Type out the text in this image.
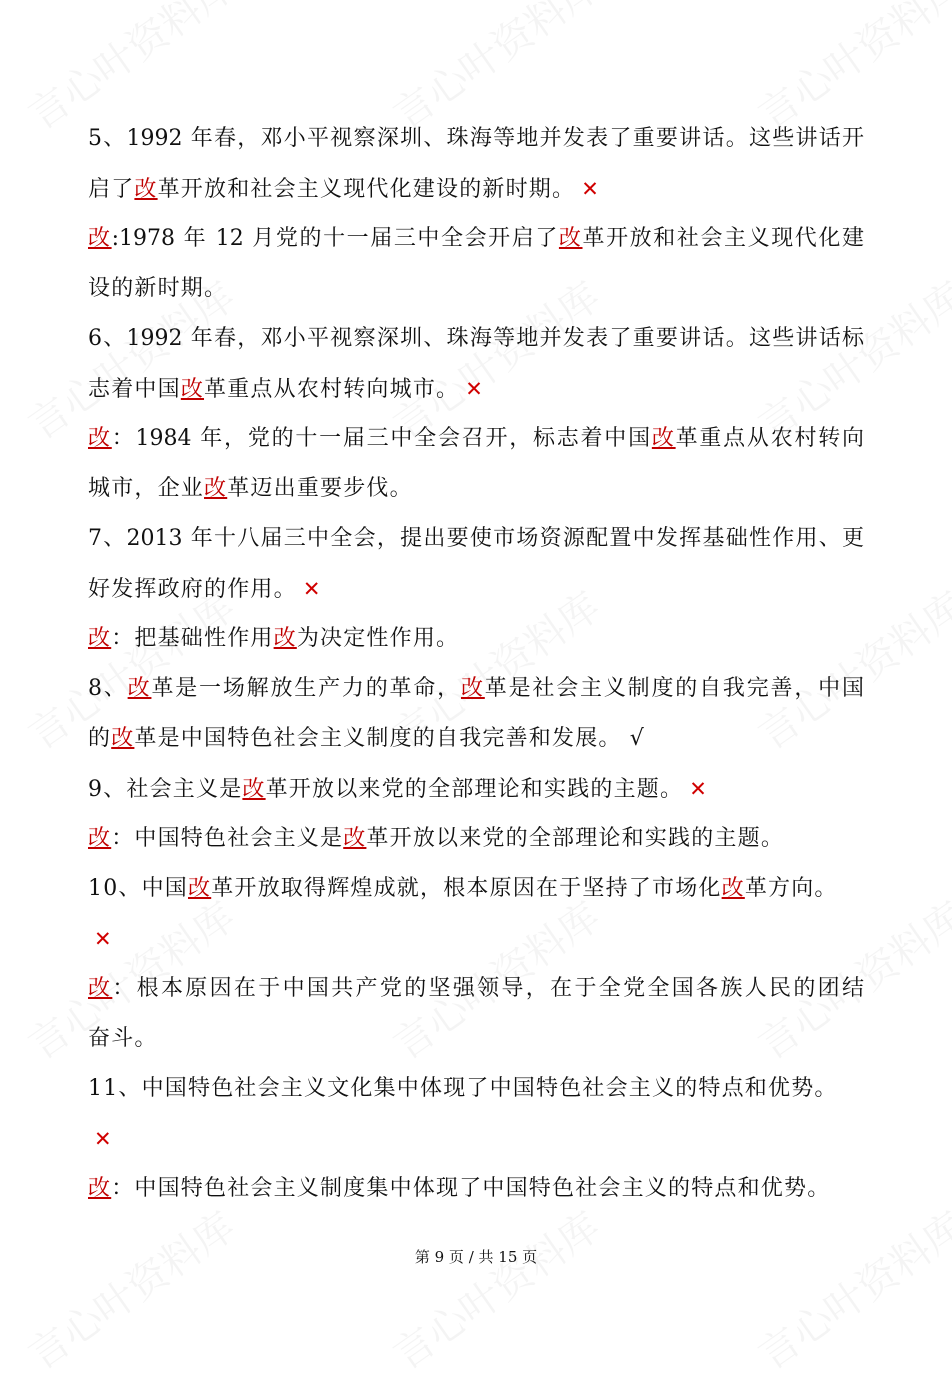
5、1992 年春，邓小平视察深圳、珠海等地并发表了重要讲话。这些讲话开
启了改革开放和社会主义现代化建设的新时期。 ✕
改:1978 年 12 月党的十一届三中全会开启了改革开放和社会主义现代化建
设的新时期。
6、1992 年春，邓小平视察深圳、珠海等地并发表了重要讲话。这些讲话标
志着中国改革重点从农村转向城市。 ✕
改：1984 年，党的十一届三中全会召开，标志着中国改革重点从农村转向
城市，企业改革迈出重要步伐。
7、2013 年十八届三中全会，提出要使市场资源配置中发挥基础性作用、更
好发挥政府的作用。 ✕
改：把基础性作用改为决定性作用。
8、改革是一场解放生产力的革命，改革是社会主义制度的自我完善，中国
的改革是中国特色社会主义制度的自我完善和发展。 √
9、社会主义是改革开放以来党的全部理论和实践的主题。 ✕
改：中国特色社会主义是改革开放以来党的全部理论和实践的主题。
10、中国改革开放取得辉煌成就，根本原因在于坚持了市场化改革方向。
✕
改：根本原因在于中国共产党的坚强领导，在于全党全国各族人民的团结
奋斗。
11、中国特色社会主义文化集中体现了中国特色社会主义的特点和优势。
✕
改：中国特色社会主义制度集中体现了中国特色社会主义的特点和优势。
第 9 页 / 共 15 页
